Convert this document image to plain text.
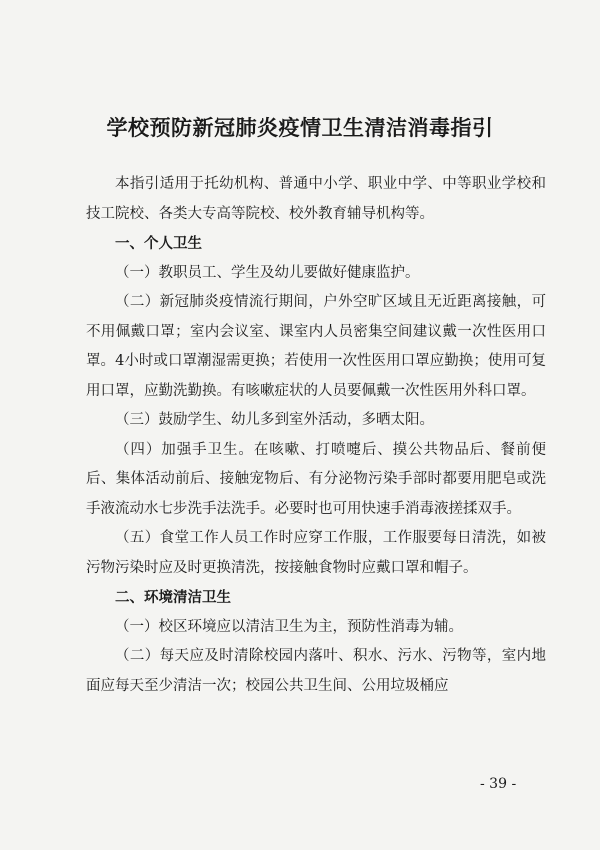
学校预防新冠肺炎疫情卫生清洁消毒指引

本指引适用于托幼机构、普通中小学、职业中学、中等职业学校和技工院校、各类大专高等院校、校外教育辅导机构等。

一、个人卫生

（一）教职员工、学生及幼儿要做好健康监护。

（二）新冠肺炎疫情流行期间，户外空旷区域且无近距离接触，可不用佩戴口罩；室内会议室、课室内人员密集空间建议戴一次性医用口罩。4小时或口罩潮湿需更换；若使用一次性医用口罩应勤换；使用可复用口罩，应勤洗勤换。有咳嗽症状的人员要佩戴一次性医用外科口罩。

（三）鼓励学生、幼儿多到室外活动，多晒太阳。

（四）加强手卫生。在咳嗽、打喷嚏后、摸公共物品后、餐前便后、集体活动前后、接触宠物后、有分泌物污染手部时都要用肥皂或洗手液流动水七步洗手法洗手。必要时也可用快速手消毒液搓揉双手。

（五）食堂工作人员工作时应穿工作服，工作服要每日清洗，如被污物污染时应及时更换清洗，按接触食物时应戴口罩和帽子。

二、环境清洁卫生

（一）校区环境应以清洁卫生为主，预防性消毒为辅。

（二）每天应及时清除校园内落叶、积水、污水、污物等，室内地面应每天至少清洁一次；校园公共卫生间、公用垃圾桶应

- 39 -
